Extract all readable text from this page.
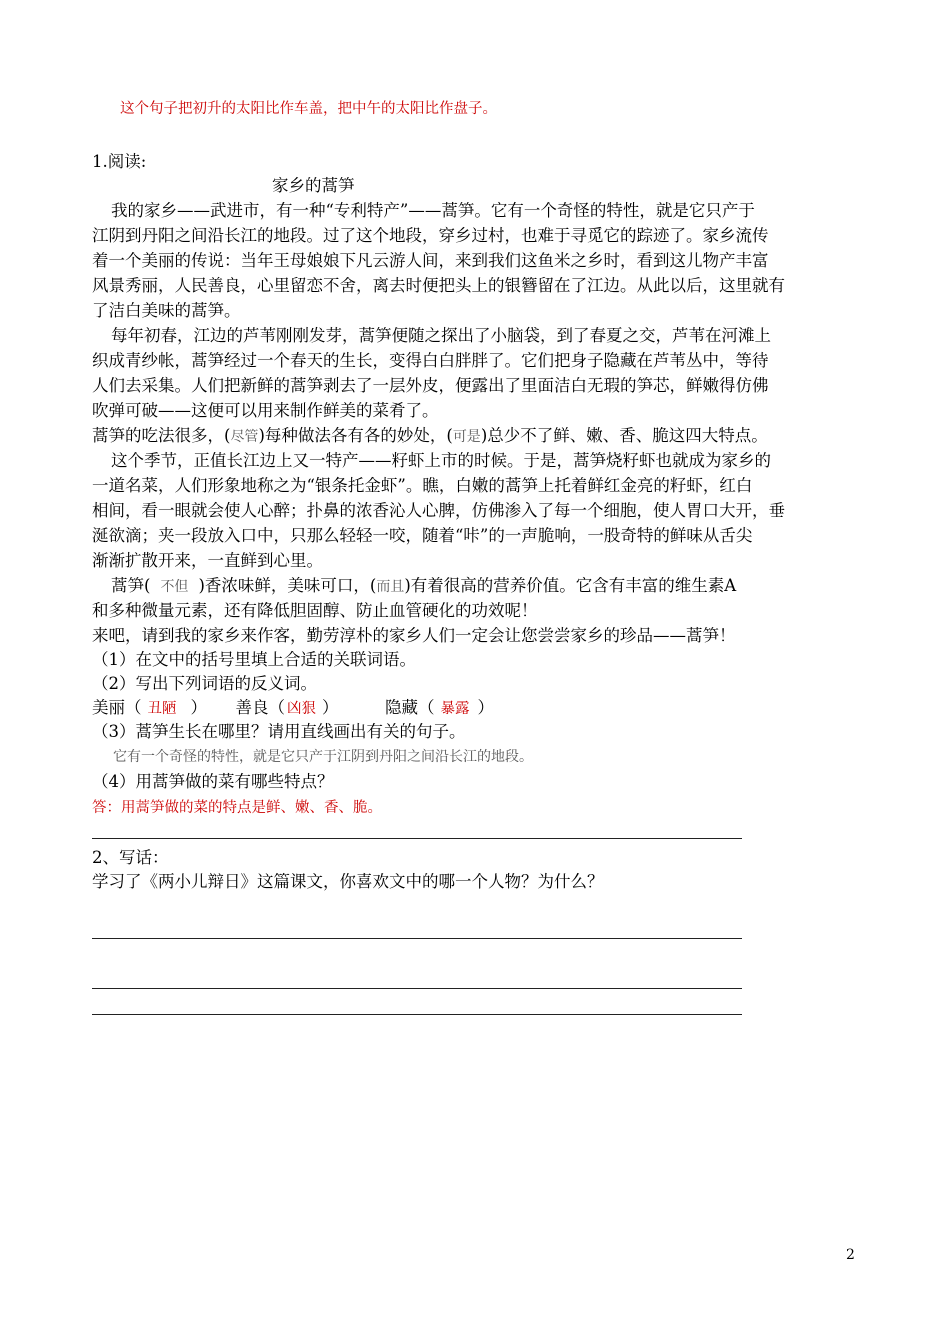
这个句子把初升的太阳比作车盖，把中午的太阳比作盘子。
1.阅读:
家乡的蒿笋
我的家乡——武进市，有一种“专利特产”——蒿笋。它有一个奇怪的特性，就是它只产于
江阴到丹阳之间沿长江的地段。过了这个地段，穿乡过村，也难于寻觅它的踪迹了。家乡流传
着一个美丽的传说：当年王母娘娘下凡云游人间，来到我们这鱼米之乡时，看到这儿物产丰富
风景秀丽，人民善良，心里留恋不舍，离去时便把头上的银簪留在了江边。从此以后，这里就有
了洁白美味的蒿笋。
每年初春，江边的芦苇刚刚发芽，蒿笋便随之探出了小脑袋，到了春夏之交，芦苇在河滩上
织成青纱帐，蒿笋经过一个春天的生长，变得白白胖胖了。它们把身子隐藏在芦苇丛中，等待
人们去采集。人们把新鲜的蒿笋剥去了一层外皮，便露出了里面洁白无瑕的笋芯，鲜嫩得仿佛
吹弹可破——这便可以用来制作鲜美的菜肴了。
蒿笋的吃法很多，(尽管)每种做法各有各的妙处，(可是)总少不了鲜、嫩、香、脆这四大特点。
这个季节，正值长江边上又一特产——籽虾上市的时候。于是，蒿笋烧籽虾也就成为家乡的
一道名菜，人们形象地称之为“银条托金虾”。瞧，白嫩的蒿笋上托着鲜红金亮的籽虾，红白
相间，看一眼就会使人心醉；扑鼻的浓香沁人心脾，仿佛渗入了每一个细胞，使人胃口大开，垂
涎欲滴；夹一段放入口中，只那么轻轻一咬，随着“咔”的一声脆响，一股奇特的鲜味从舌尖
渐渐扩散开来，一直鲜到心里。
蒿笋( 不但 )香浓味鲜，美味可口，(而且)有着很高的营养价值。它含有丰富的维生素A
和多种微量元素，还有降低胆固醇、防止血管硬化的功效呢！
来吧，请到我的家乡来作客，勤劳淳朴的家乡人们一定会让您尝尝家乡的珍品——蒿笋！
（1）在文中的括号里填上合适的关联词语。
（2）写出下列词语的反义词。
美丽（ 丑陋 ） 善良（ 凶狠 ）	隐藏（ 暴露 ）
（3）蒿笋生长在哪里？请用直线画出有关的句子。
它有一个奇怪的特性，就是它只产于江阴到丹阳之间沿长江的地段。
（4）用蒿笋做的菜有哪些特点？
答：用蒿笋做的菜的特点是鲜、嫩、香、脆。
2、写话：
学习了《两小儿辩日》这篇课文，你喜欢文中的哪一个人物？为什么？
2
